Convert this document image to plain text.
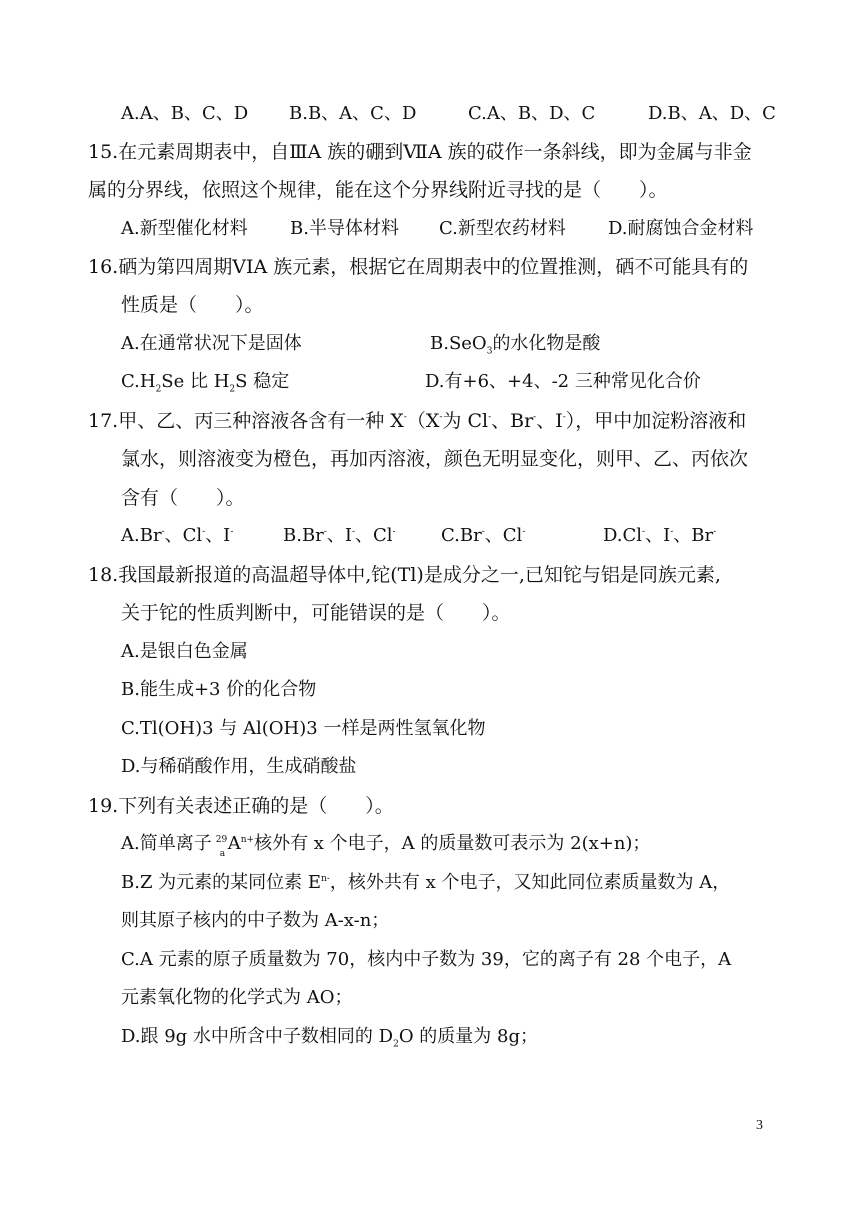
A.A、B、C、D B.B、A、C、D	C.A、B、D、C	D.B、A、D、C
15.在元素周期表中，自ⅢA 族的硼到ⅦA 族的砹作一条斜线，即为金属与非金
属的分界线，依照这个规律，能在这个分界线附近寻找的是（　　）。
A.新型催化材料 B.半导体材料 C.新型农药材料 D.耐腐蚀合金材料
16.硒为第四周期VIA 族元素，根据它在周期表中的位置推测，硒不可能具有的
性质是（　　）。
A.在通常状况下是固体	B.SeO$_3$的水化物是酸
$C.H_2Se$ 比 $H_2S$ 稳定	D.有+6、+4、-2 三种常见化合价
17.甲、乙、丙三种溶液各含有一种 X-（X-为 Cl-、Br-、I-），甲中加淀粉溶液和
氯水，则溶液变为橙色，再加丙溶液，颜色无明显变化，则甲、乙、丙依次
含有（　　）。
A.Br-、Cl-、I-	B.Br-、I-、Cl-	C.Br-、Cl-	D.Cl-、I-、Br-
18.我国最新报道的高温超导体中,铊(Tl)是成分之一,已知铊与铝是同族元素,
关于铊的性质判断中，可能错误的是（　　）。
A.是银白色金属
B.能生成+3 价的化合物
C.Tl(OH)3 与 Al(OH)3 一样是两性氢氧化物
D.与稀硝酸作用，生成硝酸盐
19.下列有关表述正确的是（　　）。
A.简单离子 29
a $A^{n+}$核外有 x 个电子，A 的质量数可表示为 2(x+n)；
B.Z 为元素的某同位素 $E^{n-}$，核外共有 x 个电子，又知此同位素质量数为 A，
则其原子核内的中子数为 A-x-n；
C.A 元素的原子质量数为 70，核内中子数为 39，它的离子有 28 个电子，A
元素氧化物的化学式为 AO；
D.跟 9g 水中所含中子数相同的 $D_2O$ 的质量为 8g；
3
